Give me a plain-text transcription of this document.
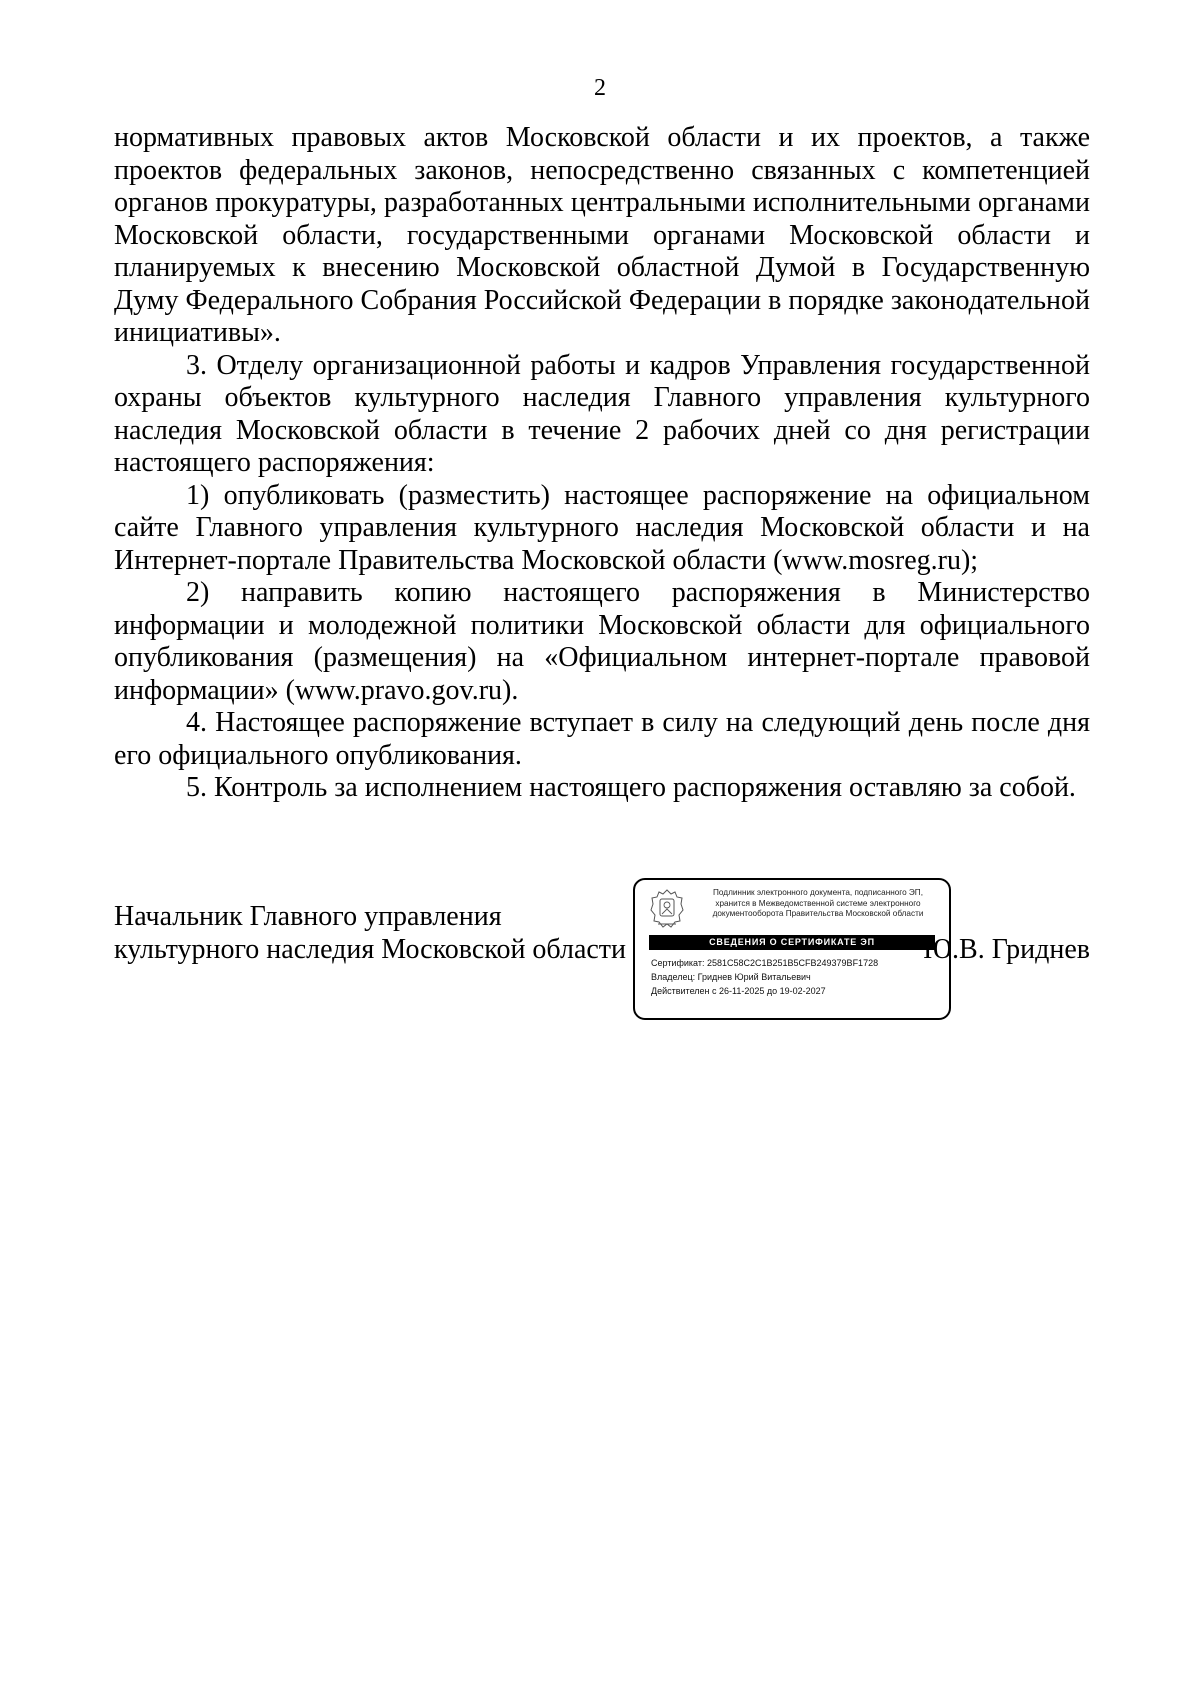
2

нормативных правовых актов Московской области и их проектов, а также проектов федеральных законов, непосредственно связанных с компетенцией органов прокуратуры, разработанных центральными исполнительными органами Московской области, государственными органами Московской области и планируемых к внесению Московской областной Думой в Государственную Думу Федерального Собрания Российской Федерации в порядке законодательной инициативы».

3. Отделу организационной работы и кадров Управления государственной охраны объектов культурного наследия Главного управления культурного наследия Московской области в течение 2 рабочих дней со дня регистрации настоящего распоряжения:

1) опубликовать (разместить) настоящее распоряжение на официальном сайте Главного управления культурного наследия Московской области и на Интернет-портале Правительства Московской области (www.mosreg.ru);

2) направить копию настоящего распоряжения в Министерство информации и молодежной политики Московской области для официального опубликования (размещения) на «Официальном интернет-портале правовой информации» (www.pravo.gov.ru).

4. Настоящее распоряжение вступает в силу на следующий день после дня его официального опубликования.

5. Контроль за исполнением настоящего распоряжения оставляю за собой.

Начальник Главного управления
культурного наследия Московской области
Подлинник электронного документа, подписанного ЭП,
хранится в Межведомственной системе электронного
документооборота Правительства Московской области
СВЕДЕНИЯ О СЕРТИФИКАТЕ ЭП
Сертификат: 2581C58C2C1B251B5CFB249379BF1728
Владелец: Гриднев Юрий Витальевич
Действителен с 26-11-2025 до 19-02-2027
Ю.В. Гриднев
